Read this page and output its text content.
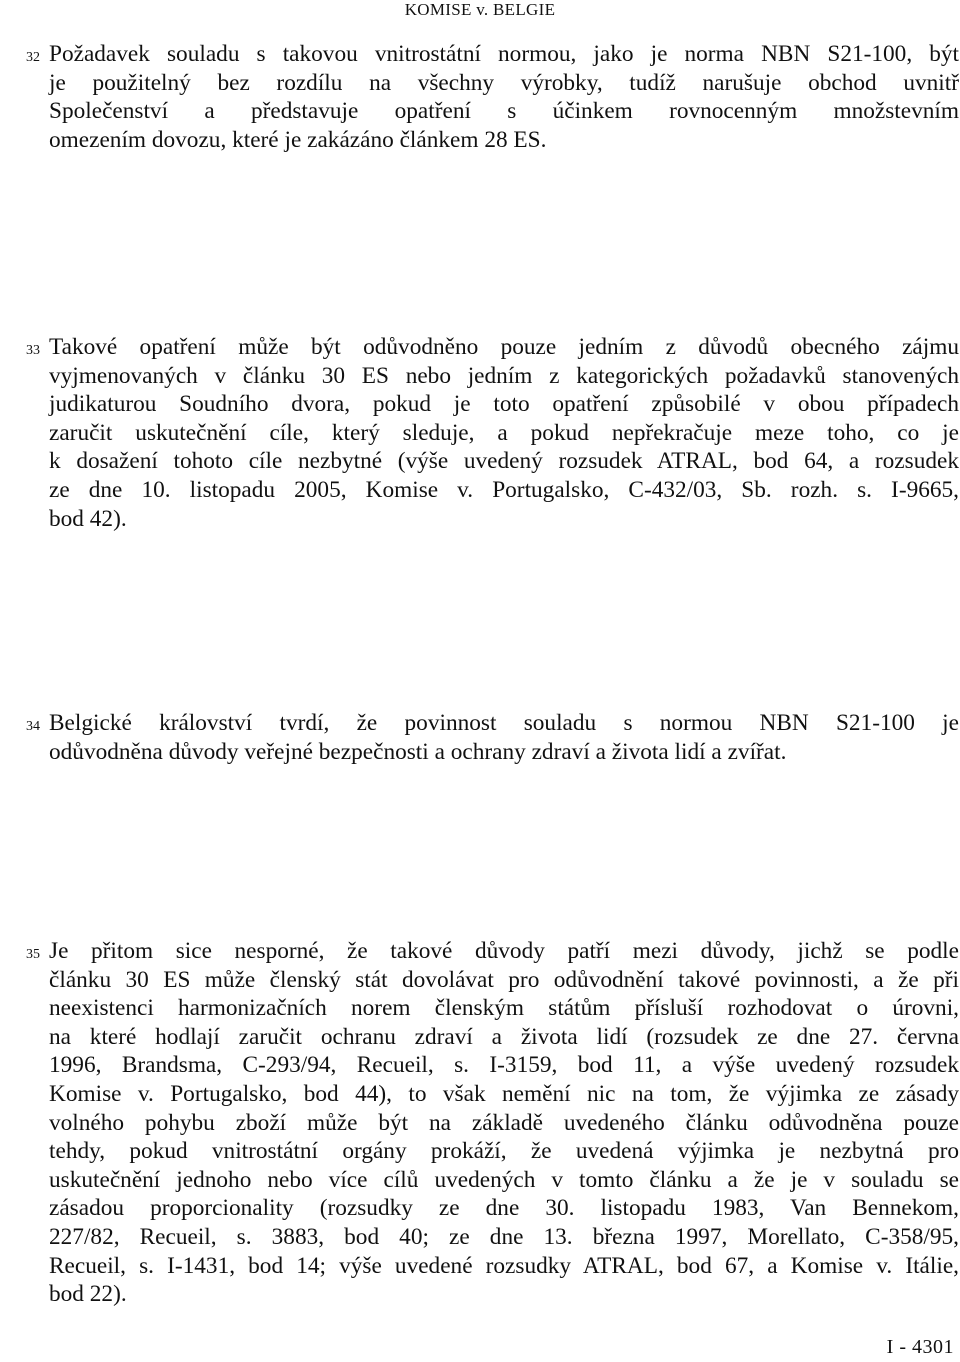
KOMISE v. BELGIE
32 Požadavek souladu s takovou vnitrostátní normou, jako je norma NBN S21-100, být
je použitelný bez rozdílu na všechny výrobky, tudíž narušuje obchod uvnitř
Společenství a představuje opatření s účinkem rovnocenným množstevním
omezením dovozu, které je zakázáno článkem 28 ES.

33 Takové opatření může být odůvodněno pouze jedním z důvodů obecného zájmu
vyjmenovaných v článku 30 ES nebo jedním z kategorických požadavků stanovených
judikaturou Soudního dvora, pokud je toto opatření způsobilé v obou případech
zaručit uskutečnění cíle, který sleduje, a pokud nepřekračuje meze toho, co je
k dosažení tohoto cíle nezbytné (výše uvedený rozsudek ATRAL, bod 64, a rozsudek
ze dne 10. listopadu 2005, Komise v. Portugalsko, C-432/03, Sb. rozh. s. I-9665,
bod 42).

34 Belgické království tvrdí, že povinnost souladu s normou NBN S21-100 je
odůvodněna důvody veřejné bezpečnosti a ochrany zdraví a života lidí a zvířat.

35 Je přitom sice nesporné, že takové důvody patří mezi důvody, jichž se podle
článku 30 ES může členský stát dovolávat pro odůvodnění takové povinnosti, a že při
neexistenci harmonizačních norem členským státům přísluší rozhodovat o úrovni,
na které hodlají zaručit ochranu zdraví a života lidí (rozsudek ze dne 27. června
1996, Brandsma, C-293/94, Recueil, s. I-3159, bod 11, a výše uvedený rozsudek
Komise v. Portugalsko, bod 44), to však nemění nic na tom, že výjimka ze zásady
volného pohybu zboží může být na základě uvedeného článku odůvodněna pouze
tehdy, pokud vnitrostátní orgány prokáží, že uvedená výjimka je nezbytná pro
uskutečnění jednoho nebo více cílů uvedených v tomto článku a že je v souladu se
zásadou proporcionality (rozsudky ze dne 30. listopadu 1983, Van Bennekom,
227/82, Recueil, s. 3883, bod 40; ze dne 13. března 1997, Morellato, C-358/95,
Recueil, s. I-1431, bod 14; výše uvedené rozsudky ATRAL, bod 67, a Komise v. Itálie,
bod 22).

I - 4301
